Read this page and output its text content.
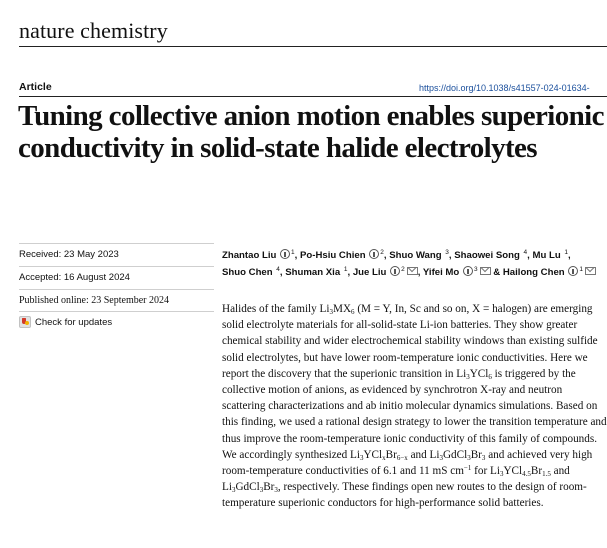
nature chemistry
Article	https://doi.org/10.1038/s41557-024-01634-
Tuning collective anion motion enables superionic conductivity in solid-state halide electrolytes
Received: 23 May 2023
Accepted: 16 August 2024
Published online: 23 September 2024
Check for updates
Zhantao Liu $^1$, Po-Hsiu Chien $^2$, Shuo Wang $^3$, Shaowei Song $^4$, Mu Lu $^1$, Shuo Chen $^4$, Shuman Xia $^1$, Jue Liu $^2$ , Yifei Mo $^3$ & Hailong Chen $^1$

Halides of the family $Li_3MX_6$ (M = Y, In, Sc and so on, X = halogen) are emerging solid electrolyte materials for all-solid-state Li-ion batteries. They show greater chemical stability and wider electrochemical stability windows than existing sulfide solid electrolytes, but have lower room-temperature ionic conductivities. Here we report the discovery that the superionic transition in $Li_3YCl_6$ is triggered by the collective motion of anions, as evidenced by synchrotron X-ray and neutron scattering characterizations and ab initio molecular dynamics simulations. Based on this finding, we used a rational design strategy to lower the transition temperature and thus improve the room-temperature ionic conductivity of this family of compounds. We accordingly synthesized $Li_3YCl_xBr_{6-x}$ and $Li_3GdCl_3Br_3$ and achieved very high room-temperature conductivities of 6.1 and 11 mS $cm^{-1}$ for $Li_3YCl_{4.5}Br_{1.5}$ and $Li_3GdCl_3Br_3$, respectively. These findings open new routes to the design of room-temperature superionic conductors for high-performance solid batteries.
